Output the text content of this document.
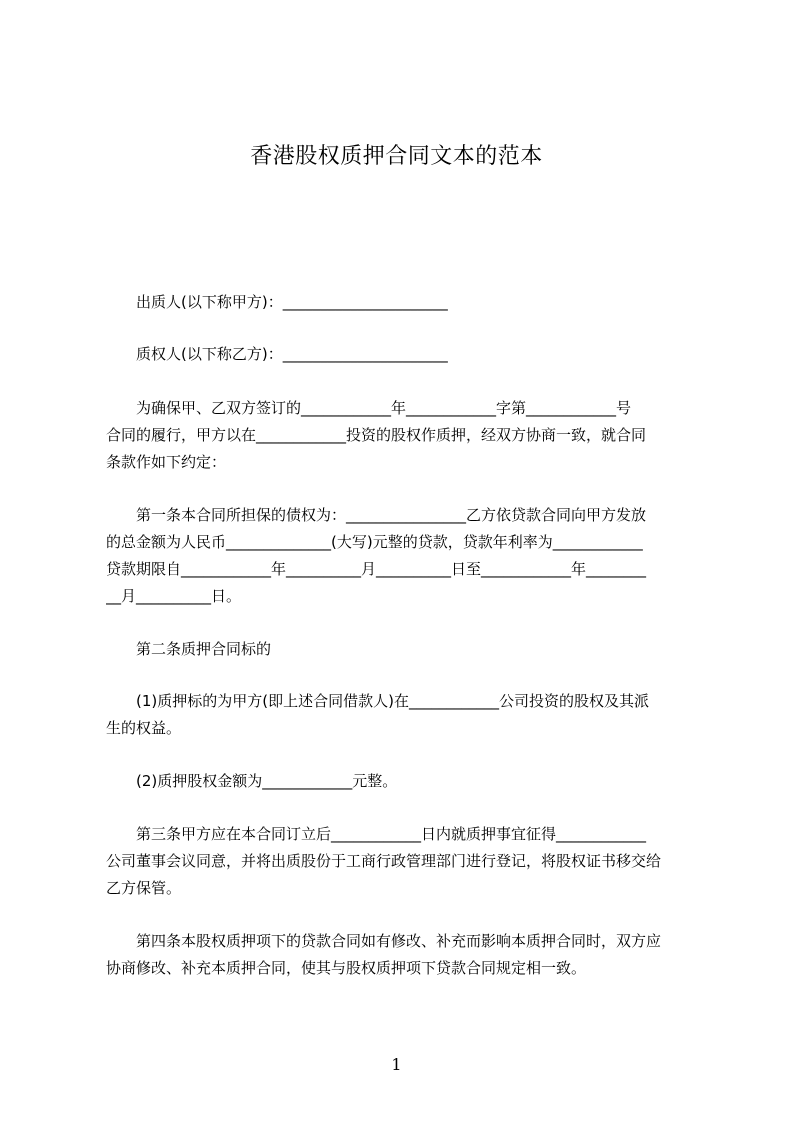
香港股权质押合同文本的范本
出质人(以下称甲方)：______________________
质权人(以下称乙方)：______________________
为确保甲、乙双方签订的____________年____________字第____________号
合同的履行，甲方以在____________投资的股权作质押，经双方协商一致，就合同
条款作如下约定：
第一条本合同所担保的债权为：________________乙方依贷款合同向甲方发放
的总金额为人民币______________(大写)元整的贷款，贷款年利率为____________
贷款期限自____________年__________月__________日至____________年________
__月__________日。
第二条质押合同标的
(1)质押标的为甲方(即上述合同借款人)在____________公司投资的股权及其派
生的权益。
(2)质押股权金额为____________元整。
第三条甲方应在本合同订立后____________日内就质押事宜征得____________
公司董事会议同意，并将出质股份于工商行政管理部门进行登记，将股权证书移交给
乙方保管。
第四条本股权质押项下的贷款合同如有修改、补充而影响本质押合同时，双方应
协商修改、补充本质押合同，使其与股权质押项下贷款合同规定相一致。
1
